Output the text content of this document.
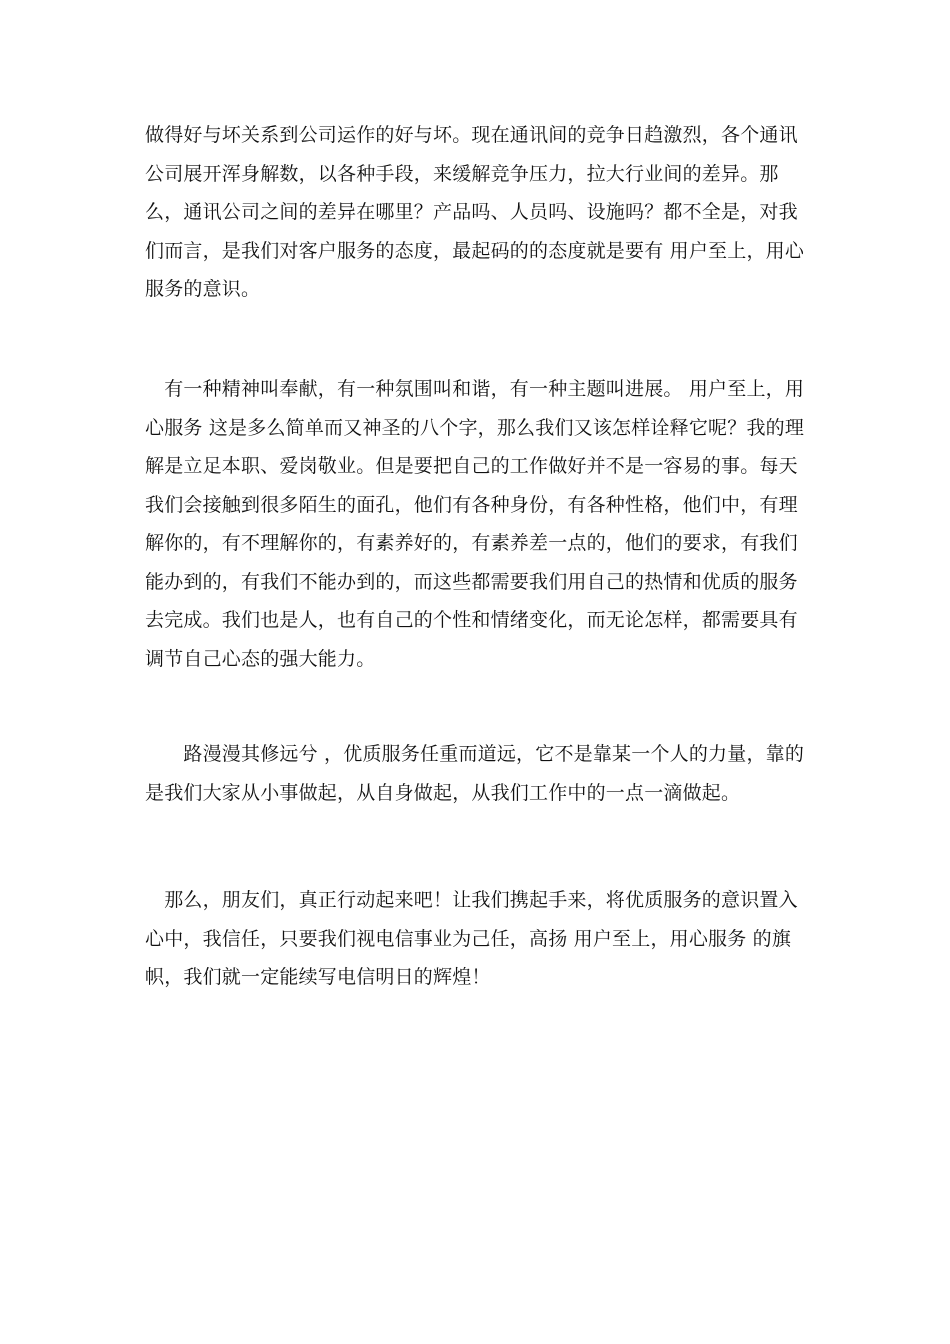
做得好与坏关系到公司运作的好与坏。现在通讯间的竞争日趋激烈，各个通讯公司展开浑身解数，以各种手段，来缓解竞争压力，拉大行业间的差异。那么，通讯公司之间的差异在哪里？产品吗、人员吗、设施吗？都不全是，对我们而言，是我们对客户服务的态度，最起码的的态度就是要有 用户至上，用心服务的意识。

　有一种精神叫奉献，有一种氛围叫和谐，有一种主题叫进展。 用户至上，用心服务 这是多么简单而又神圣的八个字，那么我们又该怎样诠释它呢？我的理解是立足本职、爱岗敬业。但是要把自己的工作做好并不是一容易的事。每天我们会接触到很多陌生的面孔，他们有各种身份，有各种性格，他们中，有理解你的，有不理解你的，有素养好的，有素养差一点的，他们的要求，有我们能办到的，有我们不能办到的，而这些都需要我们用自己的热情和优质的服务去完成。我们也是人，也有自己的个性和情绪变化，而无论怎样，都需要具有调节自己心态的强大能力。

　　路漫漫其修远兮 ，优质服务任重而道远，它不是靠某一个人的力量，靠的是我们大家从小事做起，从自身做起，从我们工作中的一点一滴做起。

　那么，朋友们，真正行动起来吧！让我们携起手来，将优质服务的意识置入心中，我信任，只要我们视电信事业为己任，高扬 用户至上，用心服务 的旗帜，我们就一定能续写电信明日的辉煌！
